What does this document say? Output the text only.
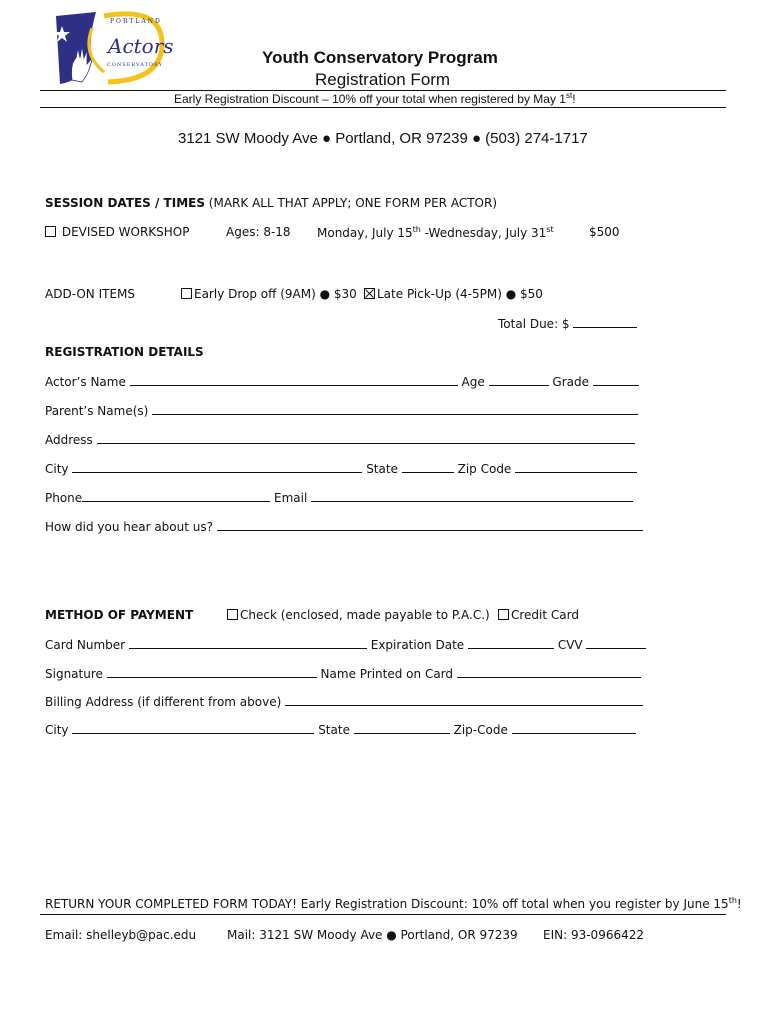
PORTLAND
Actors
CONSERVATORY	Youth Conservatory Program
Registration Form
Early Registration Discount – 10% off your total when registered by May 1st!
3121 SW Moody Ave ● Portland, OR 97239 ● (503) 274-1717
SESSION DATES / TIMES (MARK ALL THAT APPLY; ONE FORM PER ACTOR)
DEVISED WORKSHOP	Ages: 8-18 Monday, July 15th -Wednesday, July 31st	$500
ADD-ON ITEMS	Early Drop off (9AM) ● $30	Late Pick-Up (4-5PM) ● $50
Total Due: $
REGISTRATION DETAILS
Actor’s Name	Age	Grade
Parent’s Name(s)
Address
City	State	Zip Code
Phone	Email
How did you hear about us?
METHOD OF PAYMENT	Check (enclosed, made payable to P.A.C.)	Credit Card
Card Number	Expiration Date	CVV
Signature	Name Printed on Card
Billing Address (if different from above)
City	State	Zip-Code
RETURN YOUR COMPLETED FORM TODAY! Early Registration Discount: 10% off total when you register by June 15th!
Email: shelleyb@pac.edu	Mail: 3121 SW Moody Ave ● Portland, OR 97239 EIN: 93-0966422
